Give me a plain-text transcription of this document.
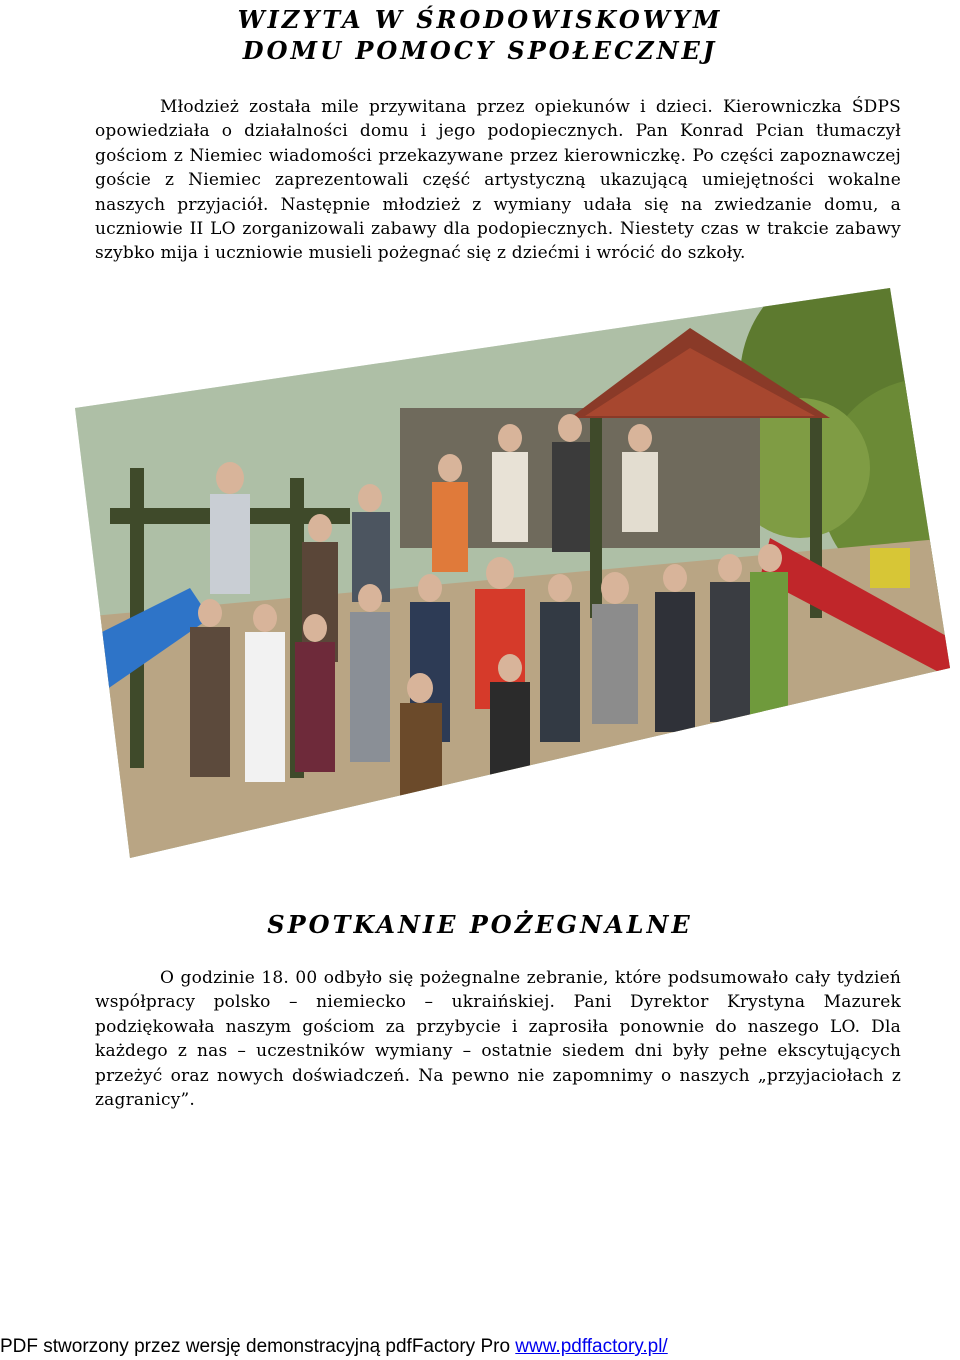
WIZYTA W ŚRODOWISKOWYM
DOMU POMOCY SPOŁECZNEJ

Młodzież została mile przywitana przez opiekunów i dzieci. Kierowniczka ŚDPS opowiedziała o działalności domu i jego podopiecznych. Pan Konrad Pcian tłumaczył gościom z Niemiec wiadomości przekazywane przez kierowniczkę. Po części zapoznawczej goście z Niemiec zaprezentowali część artystyczną ukazującą umiejętności wokalne naszych przyjaciół. Następnie młodzież z wymiany udała się na zwiedzanie domu, a uczniowie II LO zorganizowali zabawy dla podopiecznych. Niestety czas w trakcie zabawy szybko mija i uczniowie musieli pożegnać się z dziećmi i wrócić do szkoły.

SPOTKANIE POŻEGNALNE

O godzinie 18. 00 odbyło się pożegnalne zebranie, które podsumowało cały tydzień współpracy polsko – niemiecko – ukraińskiej. Pani Dyrektor Krystyna Mazurek podziękowała naszym gościom za przybycie i zaprosiła ponownie do naszego LO. Dla każdego z nas – uczestników wymiany – ostatnie siedem dni były pełne ekscytujących przeżyć oraz nowych doświadczeń. Na pewno nie zapomnimy o naszych „przyjaciołach z zagranicy”.

PDF stworzony przez wersję demonstracyjną pdfFactory Pro www.pdffactory.pl/
